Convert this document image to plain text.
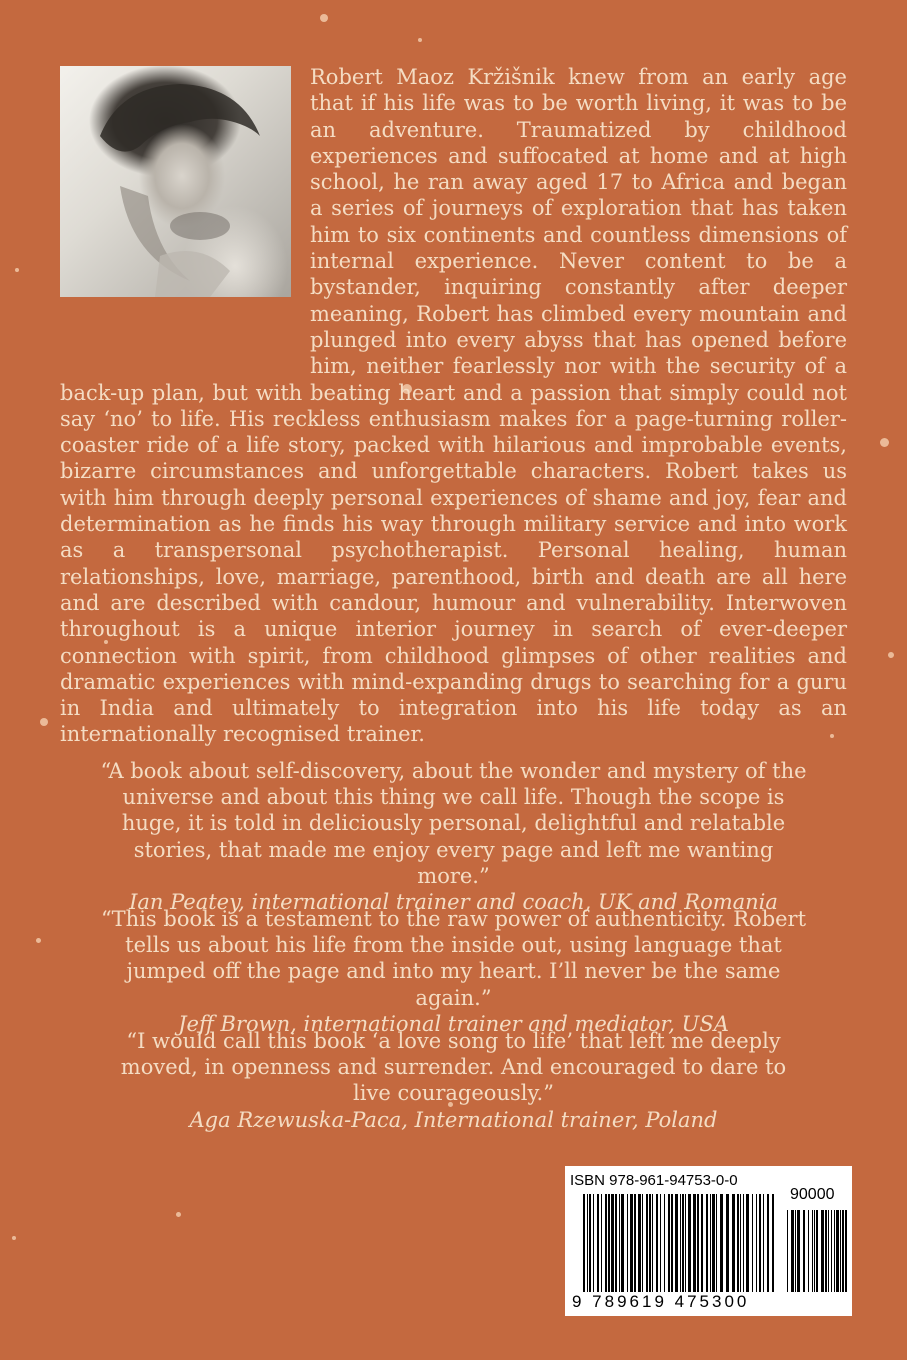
Robert Maoz Kržišnik knew from an early age that if his life was to be worth living, it was to be an adventure. Traumatized by childhood experiences and suffocated at home and at high school, he ran away aged 17 to Africa and began a series of journeys of exploration that has taken him to six continents and countless dimensions of internal experience. Never content to be a bystander, inquiring constantly after deeper meaning, Robert has climbed every mountain and plunged into every abyss that has opened before him, neither fearlessly nor with the security of a back-up plan, but with beating heart and a passion that simply could not say ‘no’ to life. His reckless enthusiasm makes for a page-turning roller-coaster ride of a life story, packed with hilarious and improbable events, bizarre circumstances and unforgettable characters. Robert takes us with him through deeply personal experiences of shame and joy, fear and determination as he finds his way through military service and into work as a transpersonal psychotherapist. Personal healing, human relationships, love, marriage, parenthood, birth and death are all here and are described with candour, humour and vulnerability. Interwoven throughout is a unique interior journey in search of ever-deeper connection with spirit, from childhood glimpses of other realities and dramatic experiences with mind-expanding drugs to searching for a guru in India and ultimately to integration into his life today as an internationally recognised trainer.
“A book about self-discovery, about the wonder and mystery of the universe and about this thing we call life. Though the scope is huge, it is told in deliciously personal, delightful and relatable stories, that made me enjoy every page and left me wanting more.”
Ian Peatey, international trainer and coach, UK and Romania
“This book is a testament to the raw power of authenticity. Robert tells us about his life from the inside out, using language that jumped off the page and into my heart. I’ll never be the same again.”
Jeff Brown, international trainer and mediator, USA
“I would call this book ‘a love song to life’ that left me deeply moved, in openness and surrender. And encouraged to dare to live courageously.”
Aga Rzewuska-Paca, International trainer, Poland
ISBN 978-961-94753-0-0
90000
9 789619 475300
